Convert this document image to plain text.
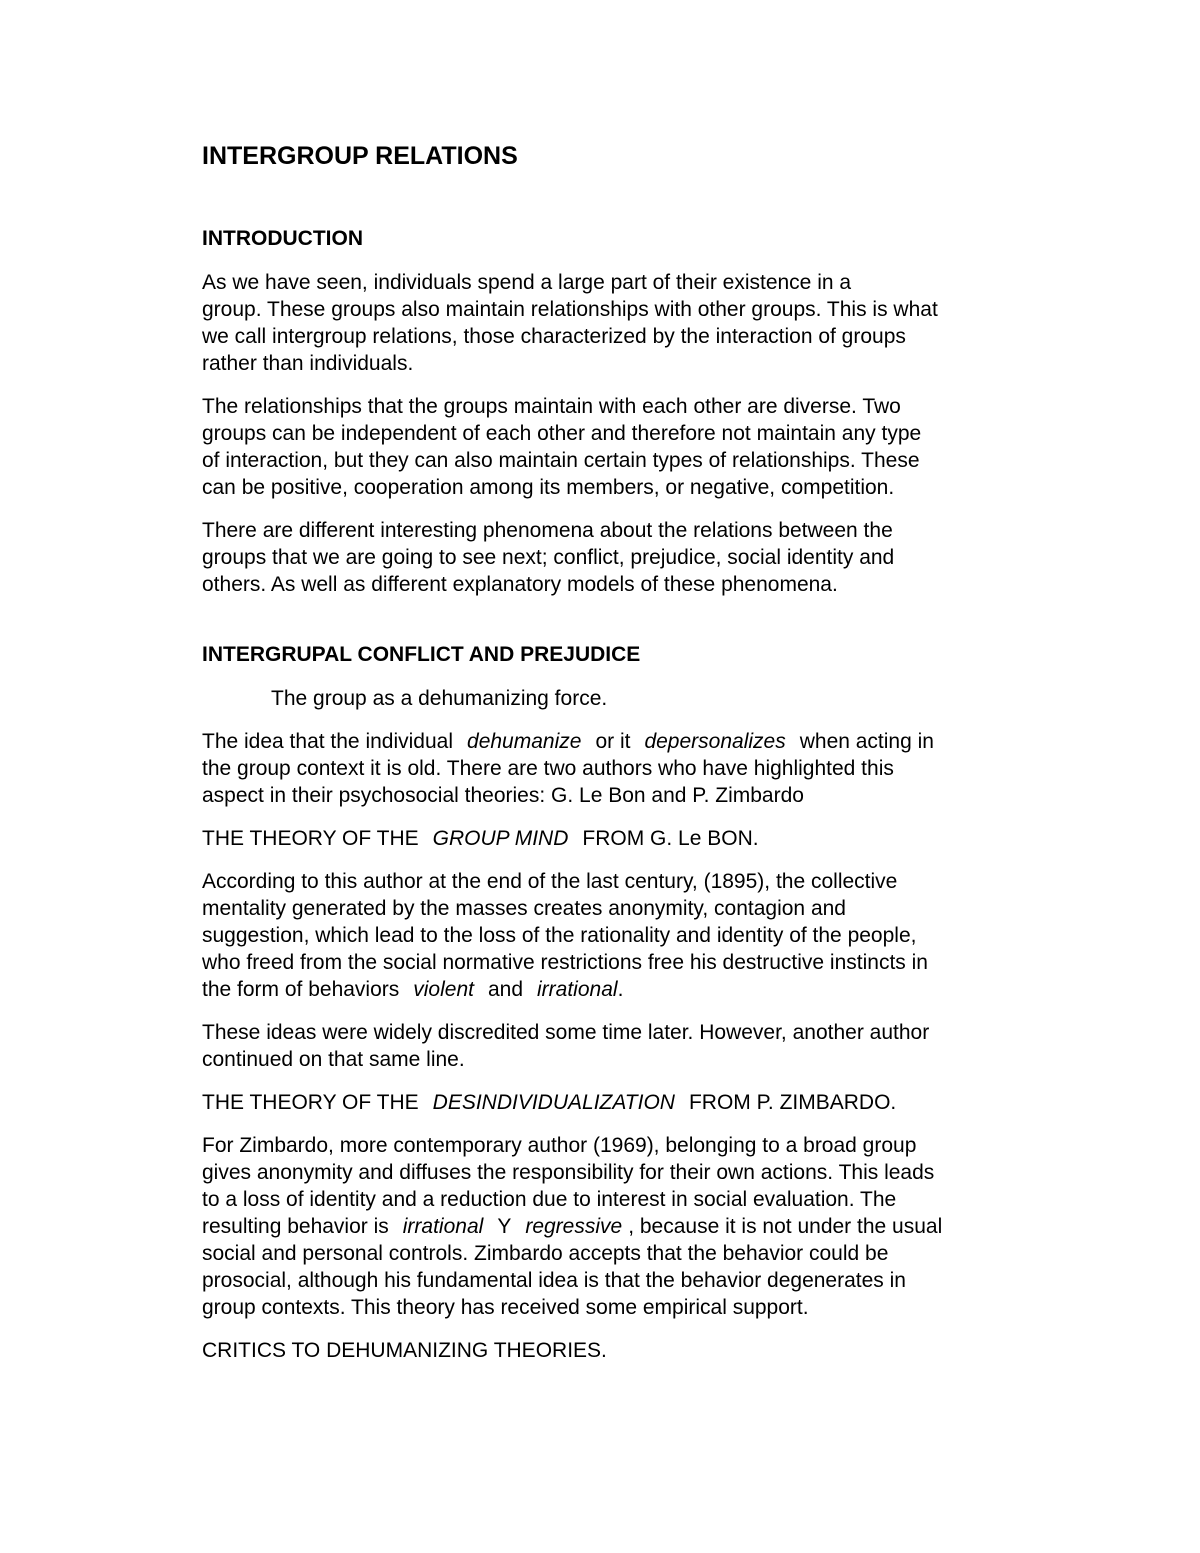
INTERGROUP RELATIONS
INTRODUCTION

As we have seen, individuals spend a large part of their existence in a
group. These groups also maintain relationships with other groups. This is what
we call intergroup relations, those characterized by the interaction of groups
rather than individuals.

The relationships that the groups maintain with each other are diverse. Two
groups can be independent of each other and therefore not maintain any type
of interaction, but they can also maintain certain types of relationships. These
can be positive, cooperation among its members, or negative, competition.

There are different interesting phenomena about the relations between the
groups that we are going to see next; conflict, prejudice, social identity and
others. As well as different explanatory models of these phenomena.

INTERGRUPAL CONFLICT AND PREJUDICE

The group as a dehumanizing force.

The idea that the individual dehumanize or it depersonalizes when acting in
the group context it is old. There are two authors who have highlighted this
aspect in their psychosocial theories: G. Le Bon and P. Zimbardo

THE THEORY OF THE GROUP MIND FROM G. Le BON.

According to this author at the end of the last century, (1895), the collective
mentality generated by the masses creates anonymity, contagion and
suggestion, which lead to the loss of the rationality and identity of the people,
who freed from the social normative restrictions free his destructive instincts in
the form of behaviors violent and irrational.

These ideas were widely discredited some time later. However, another author
continued on that same line.

THE THEORY OF THE DESINDIVIDUALIZATION FROM P. ZIMBARDO.

For Zimbardo, more contemporary author (1969), belonging to a broad group
gives anonymity and diffuses the responsibility for their own actions. This leads
to a loss of identity and a reduction due to interest in social evaluation. The
resulting behavior is irrational Y regressive , because it is not under the usual
social and personal controls. Zimbardo accepts that the behavior could be
prosocial, although his fundamental idea is that the behavior degenerates in
group contexts. This theory has received some empirical support.

CRITICS TO DEHUMANIZING THEORIES.
